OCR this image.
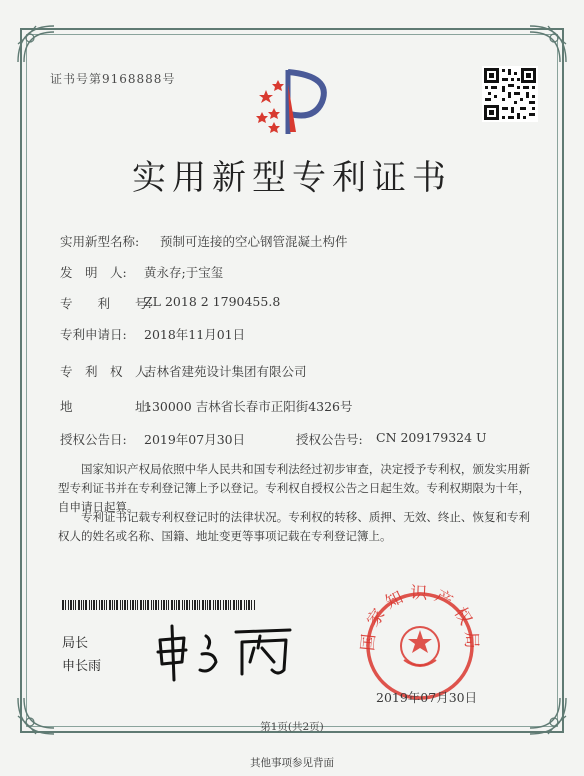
证书号第9168888号
实用新型专利证书
实用新型名称: 预制可连接的空心钢管混凝土构件
发　明　人: 黄永存;于宝玺
专　　利　　号:
ZL 2018 2 1790455.8
专利申请日: 2018年11月01日
专　利　权　人:
吉林省建苑设计集团有限公司
地　　　　　址:
130000 吉林省长春市正阳街4326号
授权公告日: 2019年07月30日	授权公告号: CN 209179324 U
国家知识产权局依照中华人民共和国专利法经过初步审查，决定授予专利权，颁发实用新型专利证书并在专利登记簿上予以登记。专利权自授权公告之日起生效。专利权期限为十年，自申请日起算。
专利证书记载专利权登记时的法律状况。专利权的转移、质押、无效、终止、恢复和专利权人的姓名或名称、国籍、地址变更等事项记载在专利登记簿上。
局长
申长雨
国家知识产权局
2019年07月30日
第1页(共2页)
其他事项参见背面
